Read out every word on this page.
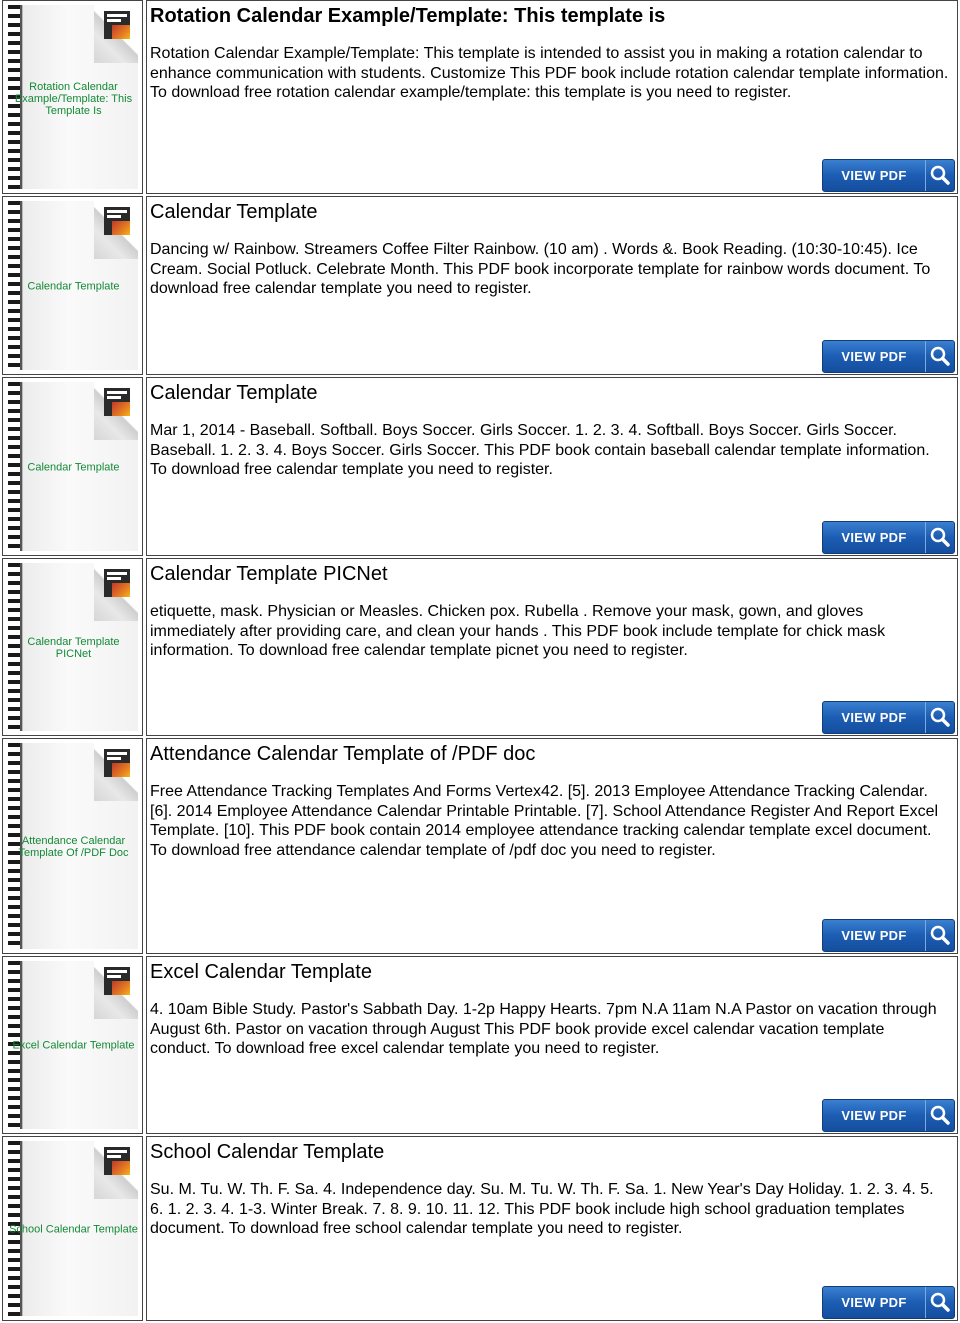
Rotation Calendar Example/Template: This Template Is
Rotation Calendar Example/Template: This template is
Rotation Calendar Example/Template: This template is intended to assist you in making a rotation calendar to enhance communication with students. Customize This PDF book include rotation calendar template information. To download free rotation calendar example/template: this template is you need to register.
VIEW PDF
Calendar Template
Calendar Template
Dancing w/ Rainbow. Streamers Coffee Filter Rainbow. (10 am) . Words &. Book Reading. (10:30-10:45). Ice Cream. Social Potluck. Celebrate Month. This PDF book incorporate template for rainbow words document. To download free calendar template you need to register.
VIEW PDF
Calendar Template
Calendar Template
Mar 1, 2014 - Baseball. Softball. Boys Soccer. Girls Soccer. 1. 2. 3. 4. Softball. Boys Soccer. Girls Soccer. Baseball. 1. 2. 3. 4. Boys Soccer. Girls Soccer. This PDF book contain baseball calendar template information. To download free calendar template you need to register.
VIEW PDF
Calendar Template PICNet
Calendar Template PICNet
etiquette, mask. Physician or Measles. Chicken pox. Rubella . Remove your mask, gown, and gloves immediately after providing care, and clean your hands . This PDF book include template for chick mask information. To download free calendar template picnet you need to register.
VIEW PDF
Attendance Calendar Template Of /PDF Doc
Attendance Calendar Template of /PDF doc
Free Attendance Tracking Templates And Forms Vertex42. [5]. 2013 Employee Attendance Tracking Calendar. [6]. 2014 Employee Attendance Calendar Printable Printable. [7]. School Attendance Register And Report Excel Template. [10]. This PDF book contain 2014 employee attendance tracking calendar template excel document. To download free attendance calendar template of /pdf doc you need to register.
VIEW PDF
Excel Calendar Template
Excel Calendar Template
4. 10am Bible Study. Pastor's Sabbath Day. 1-2p Happy Hearts. 7pm N.A 11am N.A Pastor on vacation through August 6th. Pastor on vacation through August This PDF book provide excel calendar vacation template conduct. To download free excel calendar template you need to register.
VIEW PDF
School Calendar Template
School Calendar Template
Su. M. Tu. W. Th. F. Sa. 4. Independence day. Su. M. Tu. W. Th. F. Sa. 1. New Year's Day Holiday. 1. 2. 3. 4. 5. 6. 1. 2. 3. 4. 1-3. Winter Break. 7. 8. 9. 10. 11. 12. This PDF book include high school graduation templates document. To download free school calendar template you need to register.
VIEW PDF
